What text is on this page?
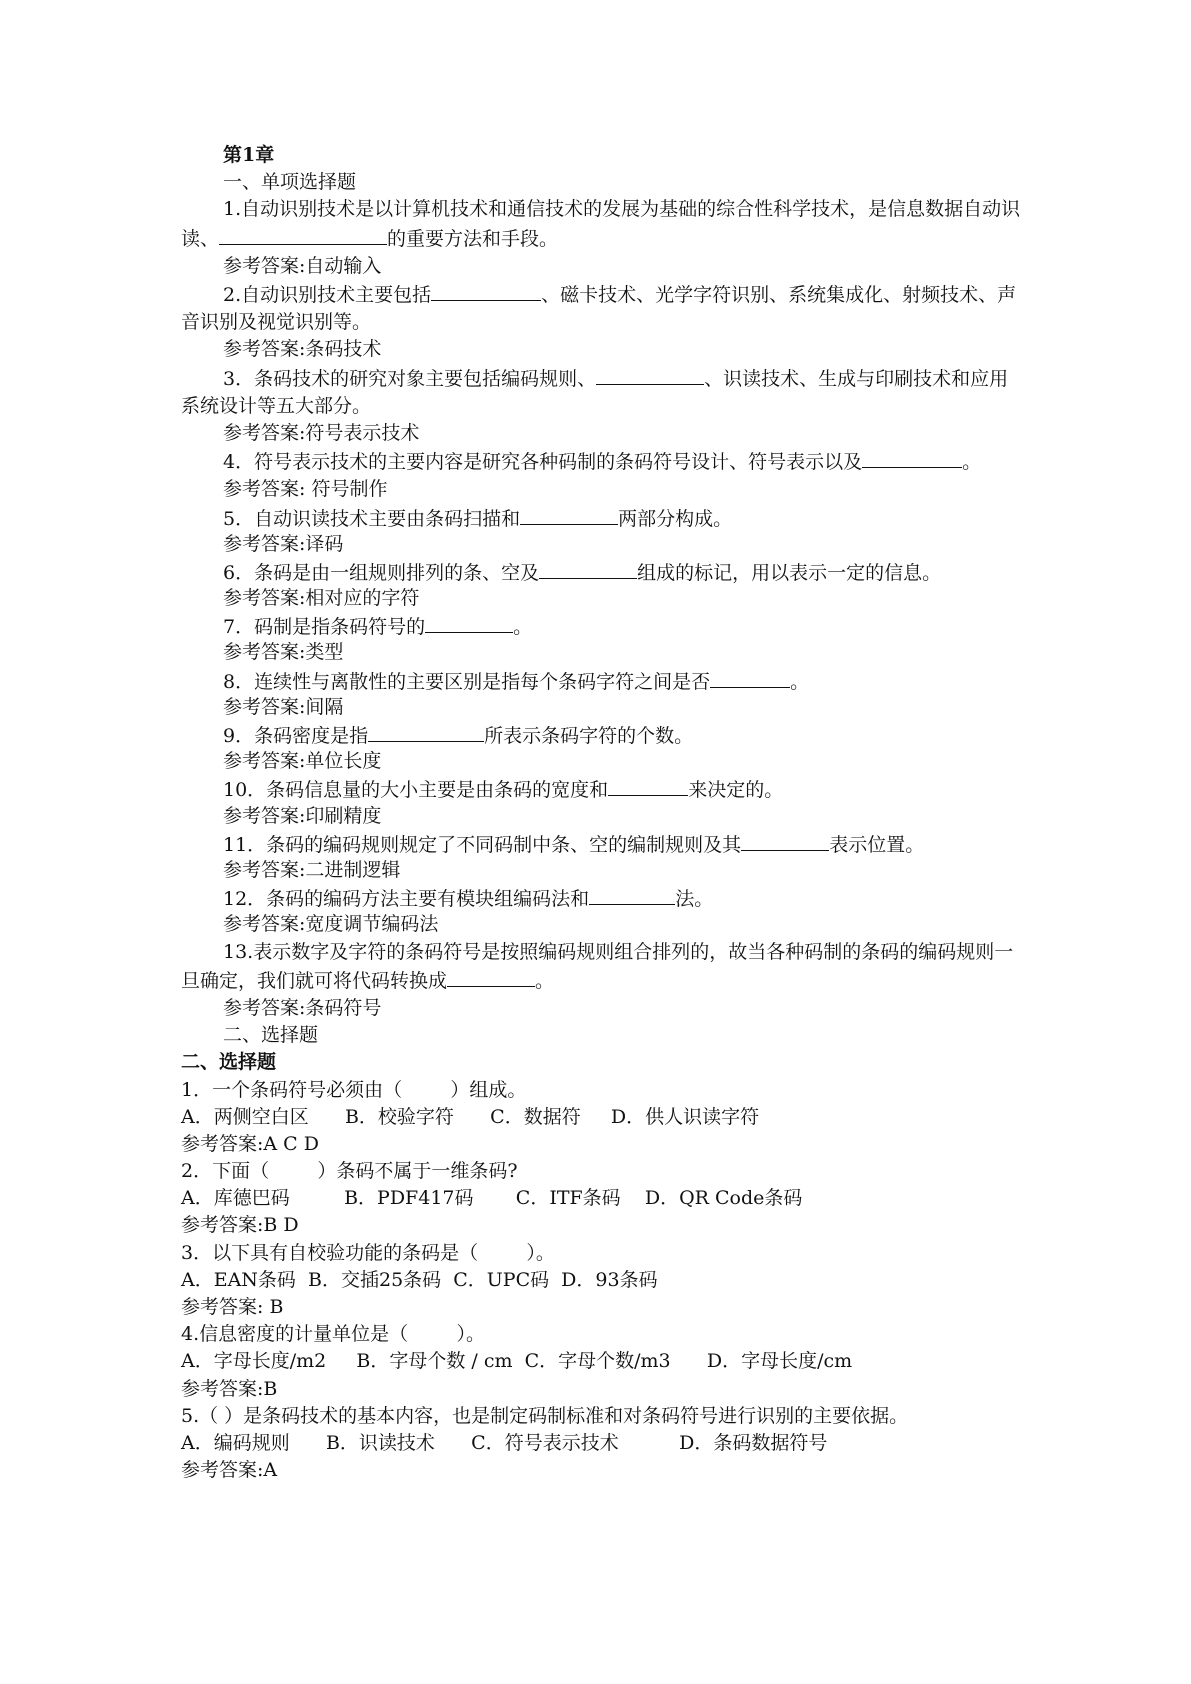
第1章
一、单项选择题
1.自动识别技术是以计算机技术和通信技术的发展为基础的综合性科学技术，是信息数据自动识读、	的重要方法和手段。
参考答案:自动输入
2.自动识别技术主要包括	、磁卡技术、光学字符识别、系统集成化、射频技术、声音识别及视觉识别等。
参考答案:条码技术
3．条码技术的研究对象主要包括编码规则、	、识读技术、生成与印刷技术和应用系统设计等五大部分。
参考答案:符号表示技术
4．符号表示技术的主要内容是研究各种码制的条码符号设计、符号表示以及	。
参考答案: 符号制作
5．自动识读技术主要由条码扫描和	两部分构成。
参考答案:译码
6．条码是由一组规则排列的条、空及	组成的标记，用以表示一定的信息。
参考答案:相对应的字符
7．码制是指条码符号的	。
参考答案:类型
8．连续性与离散性的主要区别是指每个条码字符之间是否	。
参考答案:间隔
9．条码密度是指	所表示条码字符的个数。
参考答案:单位长度
10．条码信息量的大小主要是由条码的宽度和	来决定的。
参考答案:印刷精度
11．条码的编码规则规定了不同码制中条、空的编制规则及其	表示位置。
参考答案:二进制逻辑
12．条码的编码方法主要有模块组编码法和	法。
参考答案:宽度调节编码法
13.表示数字及字符的条码符号是按照编码规则组合排列的，故当各种码制的条码的编码规则一旦确定，我们就可将代码转换成	。
参考答案:条码符号
二、选择题
二、选择题
1．一个条码符号必须由（        ）组成。
A．两侧空白区      B．校验字符      C．数据符     D．供人识读字符
参考答案:A C D
2．下面（        ）条码不属于一维条码?
A．库德巴码         B．PDF417码       C．ITF条码    D．QR Code条码
参考答案:B D
3．以下具有自校验功能的条码是（        ）。
A．EAN条码  B．交插25条码  C．UPC码  D．93条码
参考答案: B
4.信息密度的计量单位是（        ）。
A．字母长度/m2     B．字母个数 / cm  C．字母个数/m3      D．字母长度/cm
参考答案:B
5.（ ）是条码技术的基本内容，也是制定码制标准和对条码符号进行识别的主要依据。
A．编码规则      B．识读技术      C．符号表示技术          D．条码数据符号
参考答案:A
